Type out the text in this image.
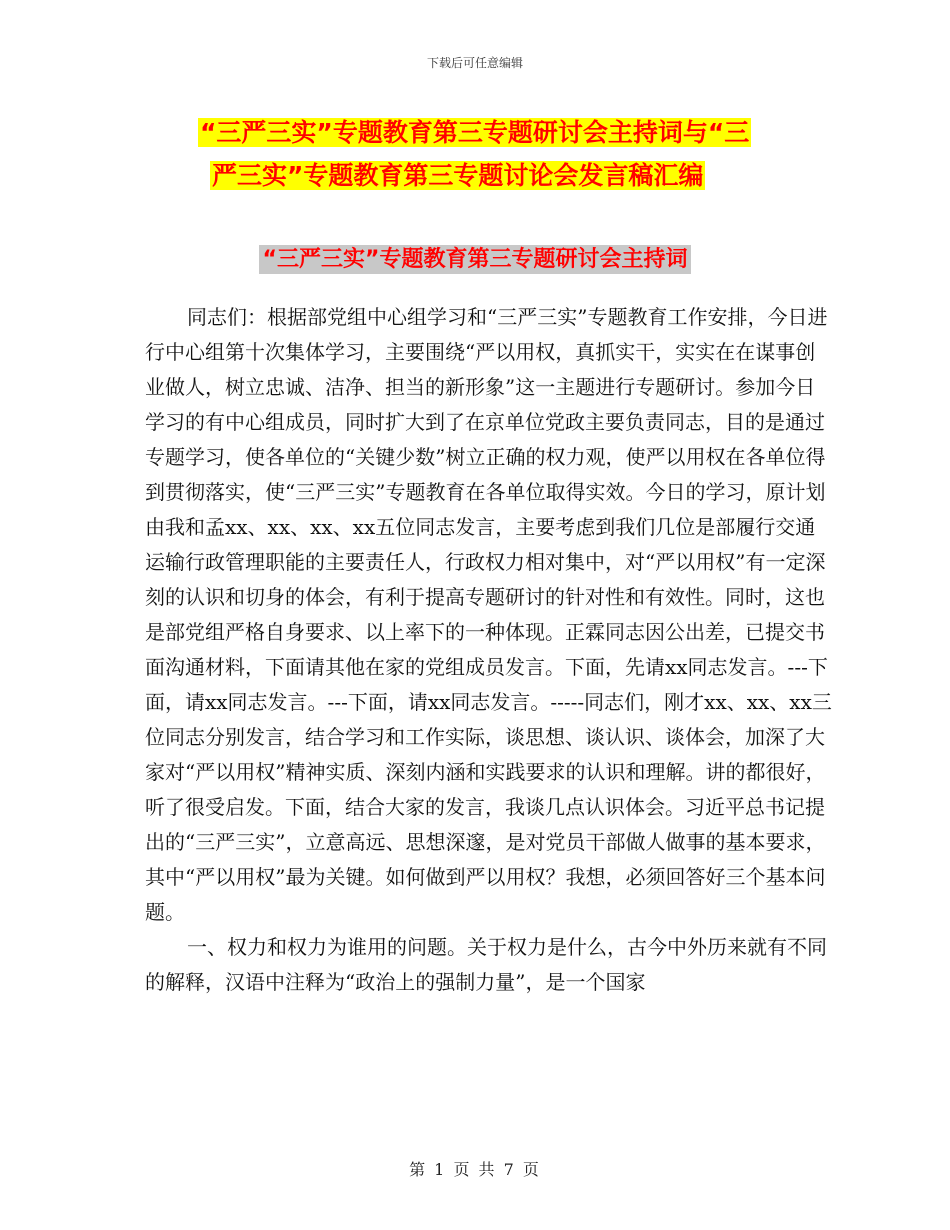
下载后可任意编辑
“三严三实”专题教育第三专题研讨会主持词与“三
严三实”专题教育第三专题讨论会发言稿汇编
“三严三实”专题教育第三专题研讨会主持词

同志们：根据部党组中心组学习和“三严三实”专题教育工作安排，今日进行中心组第十次集体学习，主要围绕“严以用权，真抓实干，实实在在谋事创业做人，树立忠诚、洁净、担当的新形象”这一主题进行专题研讨。参加今日学习的有中心组成员，同时扩大到了在京单位党政主要负责同志，目的是通过专题学习，使各单位的“关键少数”树立正确的权力观，使严以用权在各单位得到贯彻落实，使“三严三实”专题教育在各单位取得实效。今日的学习，原计划由我和孟xx、xx、xx、xx五位同志发言，主要考虑到我们几位是部履行交通运输行政管理职能的主要责任人，行政权力相对集中，对“严以用权”有一定深刻的认识和切身的体会，有利于提高专题研讨的针对性和有效性。同时，这也是部党组严格自身要求、以上率下的一种体现。正霖同志因公出差，已提交书面沟通材料，下面请其他在家的党组成员发言。下面，先请xx同志发言。---下面，请xx同志发言。---下面，请xx同志发言。-----同志们，刚才xx、xx、xx三位同志分别发言，结合学习和工作实际，谈思想、谈认识、谈体会，加深了大家对“严以用权”精神实质、深刻内涵和实践要求的认识和理解。讲的都很好，听了很受启发。下面，结合大家的发言，我谈几点认识体会。习近平总书记提出的“三严三实”，立意高远、思想深邃，是对党员干部做人做事的基本要求，其中“严以用权”最为关键。如何做到严以用权？我想，必须回答好三个基本问题。

一、权力和权力为谁用的问题。关于权力是什么，古今中外历来就有不同的解释，汉语中注释为“政治上的强制力量”，是一个国家

第 1 页 共 7 页
